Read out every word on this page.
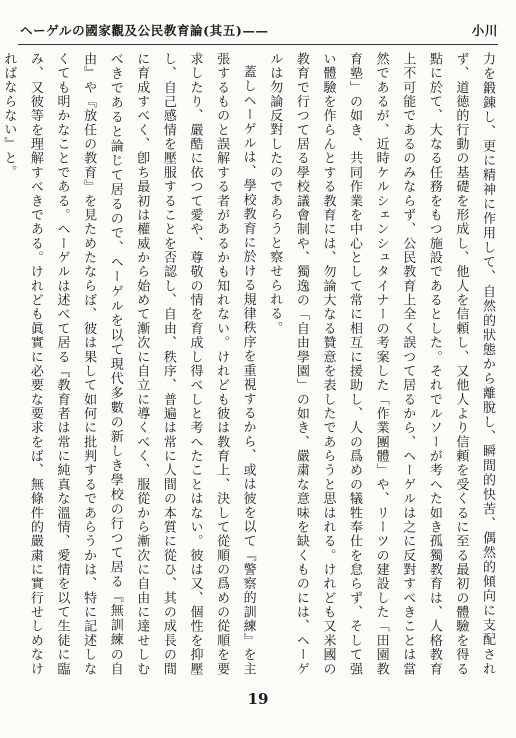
ヘーゲルの國家觀及公民教育論(其五)——	小川

力を鍛錬し、更に精神に作用して、自然的狀態から離脫し、瞬間的快苦、偶然的傾向に支配されず、道徳的行動の基礎を形成し、他人を信頼し、又他人より信頼を受くるに至る最初の體驗を得る點に於て、大なる任務をもつ施設であるとした。それでルソーが考へた如き孤獨教育は、人格教育上不可能であるのみならず、公民教育上全く誤つて居るから、ヘーゲルは之に反對すべきことは當然であるが、近時ケルシェンシュタイナーの考案した「作業團體」や、リーツの建設した「田園教育塾」の如き、共同作業を中心として常に相互に援助し、人の爲めの犠牲奉仕を怠らず、そして强い體驗を作らんとする教育には、勿論大なる贊意を表したであらうと思はれる。けれども又米國の教育で行つて居る學校議會制や、獨逸の「自由學園」の如き、嚴粛な意味を缺くものには、ヘーゲルは勿論反對したのであらうと察せられる。

蓋しヘーゲルは、學校教育に於ける規律秩序を重視するから、或は彼を以て『警察的訓練』を主張するものと誤解する者があるかも知れない。けれども彼は教育上、決して從順の爲めの從順を要求したり、嚴酷に依つて愛や、尊敬の情を育成し得べしと考へたことはない。彼は又、個性を抑壓し、自己感情を壓服することを否認し、自由、秩序、普遍は常に人間の本質に從ひ、其の成長の間に育成すべく、卽ち最初は權威から始めて漸次に自立に導くべく、服從から漸次に自由に達せしむべきであると論じて居るので、ヘーゲルを以て現代多數の新しき學校の行つて居る『無訓練の自由』や『放任の教育』を見ためたならば、彼は果して如何に批判するであらうかは、特に記述しなくても明かなことである。ヘーゲルは述べて居る『教育者は常に純真な溫情、愛情を以て生徒に臨み、又彼等を理解すべきである。けれども眞實に必要な要求をば、無條件的嚴粛に實行せしめなければならない』と。

19
